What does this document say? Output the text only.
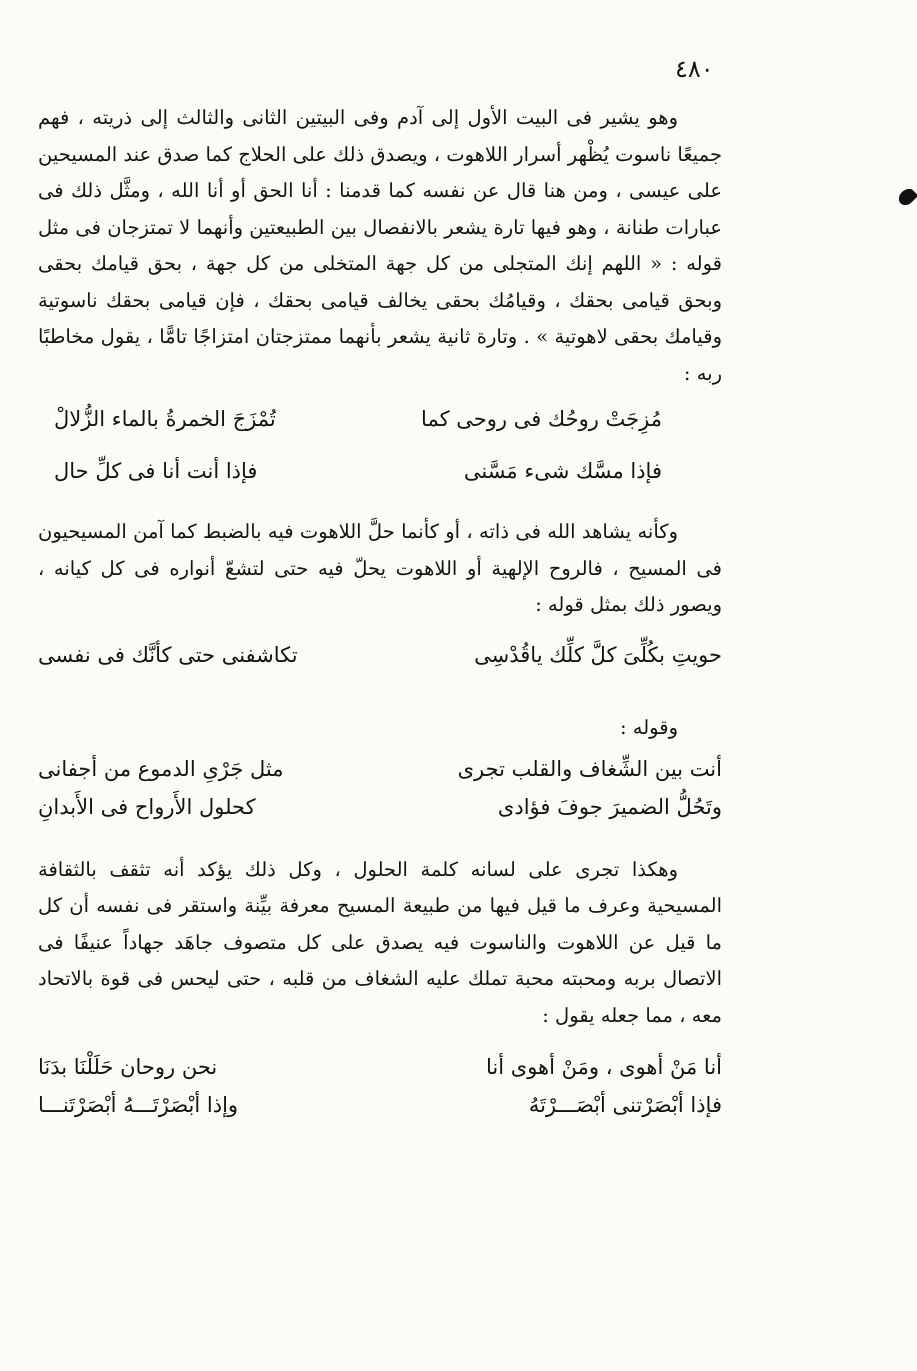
٤٨٠

وهو يشير فى البيت الأول إلى آدم وفى البيتين الثانى والثالث إلى ذريته ، فهم جميعًا ناسوت يُظْهر أسرار اللاهوت ، ويصدق ذلك على الحلاج كما صدق عند المسيحين على عيسى ، ومن هنا قال عن نفسه كما قدمنا : أنا الحق أو أنا الله ، ومثَّل ذلك فى عبارات طنانة ، وهو فيها تارة يشعر بالانفصال بين الطبيعتين وأنهما لا تمتزجان فى مثل قوله : « اللهم إنك المتجلى من كل جهة المتخلى من كل جهة ، بحق قيامك بحقى وبحق قيامى بحقك ، وقيامُك بحقى يخالف قيامى بحقك ، فإن قيامى بحقك ناسوتية وقيامك بحقى لاهوتية » . وتارة ثانية يشعر بأنهما ممتزجتان امتزاجًا تامًّا ، يقول مخاطبًا ربه :

مُزِجَتْ روحُك فى روحى كما
تُمْزَجَ الخمرةُ بالماء الزُّلالْ
فإذا مسَّك شىء مَسَّنى
فإذا أنت أنا فى كلِّ حال

وكأنه يشاهد الله فى ذاته ، أو كأنما حلَّ اللاهوت فيه بالضبط كما آمن المسيحيون فى المسيح ، فالروح الإلهية أو اللاهوت يحلّ فيه حتى لتشعّ أنواره فى كل كيانه ، ويصور ذلك بمثل قوله :

حويتِ بكُلِّىَ كلَّ كلِّك ياقُدْسِى
تكاشفنى حتى كأنَّك فى نفسى

وقوله :

أنت بين الشِّغاف والقلب تجرى
مثل جَرْىِ الدموع من أجفانى
وتَحُلُّ الضميرَ جوفَ فؤادى
كحلول الأَرواح فى الأَبدانِ

وهكذا تجرى على لسانه كلمة الحلول ، وكل ذلك يؤكد أنه تثقف بالثقافة المسيحية وعرف ما قيل فيها من طبيعة المسيح معرفة بيِّنة واستقر فى نفسه أن كل ما قيل عن اللاهوت والناسوت فيه يصدق على كل متصوف جاهَد جهاداً عنيفًا فى الاتصال بربه ومحبته محبة تملك عليه الشغاف من قلبه ، حتى ليحس فى قوة بالاتحاد معه ، مما جعله يقول :

أنا مَنْ أهوى ، ومَنْ أهوى أنا
نحن روحان حَلَلْنَا بدَنَا
فإذا أبْصَرْتنى أبْصَـــرْتَهُ
وإذا أبْصَرْتَـــهُ أبْصَرْتَنـــا
